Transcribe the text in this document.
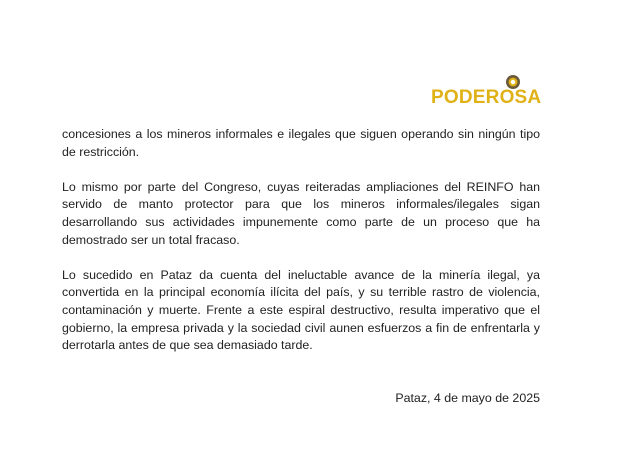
PODEROSA

concesiones a los mineros informales e ilegales que siguen operando sin ningún tipo de restricción.

Lo mismo por parte del Congreso, cuyas reiteradas ampliaciones del REINFO han servido de manto protector para que los mineros informales/ilegales sigan desarrollando sus actividades impunemente como parte de un proceso que ha demostrado ser un total fracaso.

Lo sucedido en Pataz da cuenta del ineluctable avance de la minería ilegal, ya convertida en la principal economía ilícita del país, y su terrible rastro de violencia, contaminación y muerte. Frente a este espiral destructivo, resulta imperativo que el gobierno, la empresa privada y la sociedad civil aunen esfuerzos a fin de enfrentarla y derrotarla antes de que sea demasiado tarde.

Pataz, 4 de mayo de 2025
